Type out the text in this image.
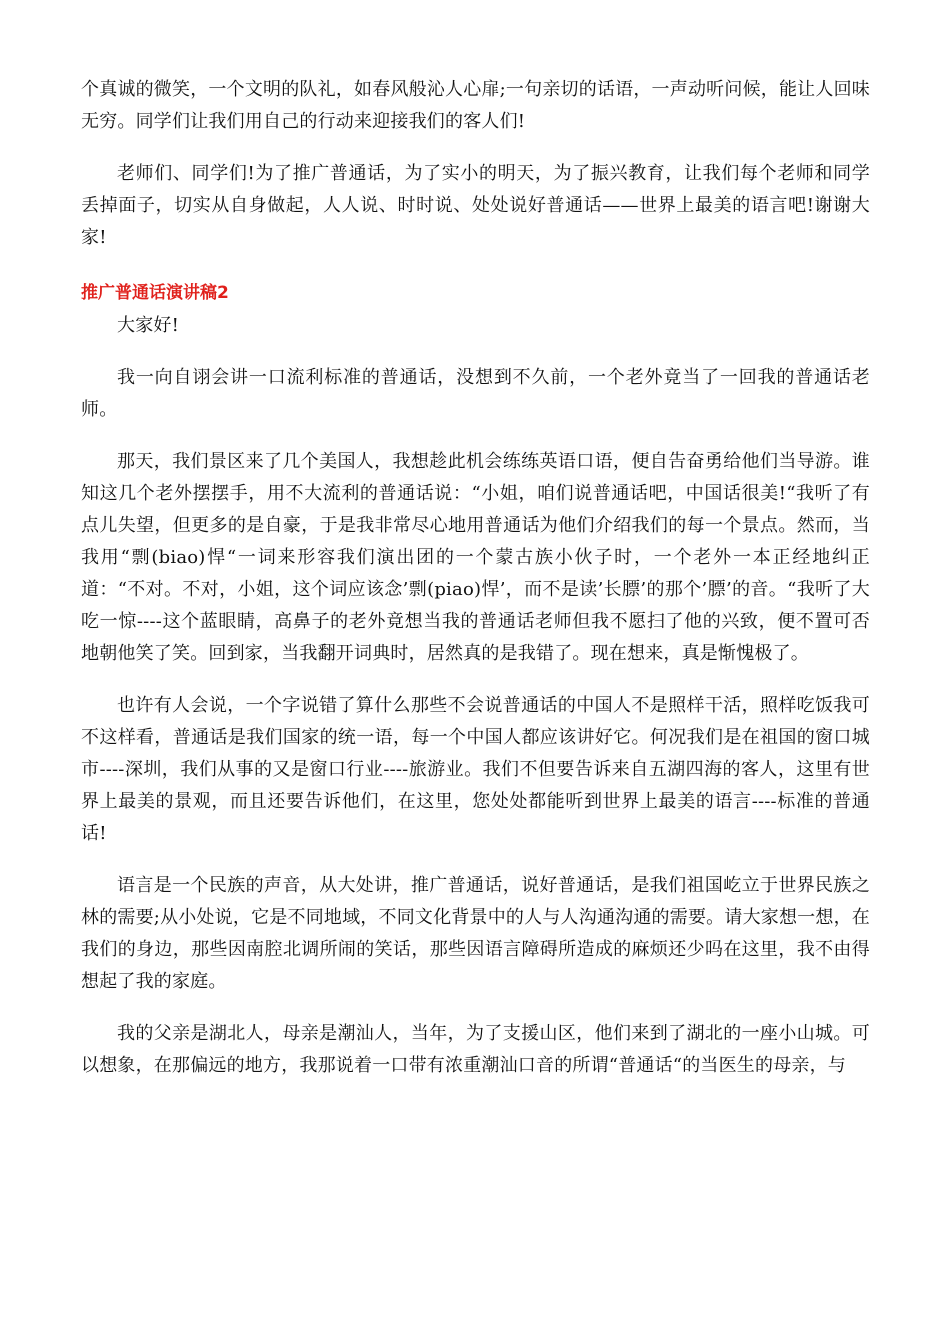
个真诚的微笑，一个文明的队礼，如春风般沁人心扉;一句亲切的话语，一声动听问候，能让人回味无穷。同学们让我们用自己的行动来迎接我们的客人们!

老师们、同学们!为了推广普通话，为了实小的明天，为了振兴教育，让我们每个老师和同学丢掉面子，切实从自身做起，人人说、时时说、处处说好普通话——世界上最美的语言吧!谢谢大家!

推广普通话演讲稿2

大家好!

我一向自诩会讲一口流利标准的普通话，没想到不久前，一个老外竟当了一回我的普通话老师。

那天，我们景区来了几个美国人，我想趁此机会练练英语口语，便自告奋勇给他们当导游。谁知这几个老外摆摆手，用不大流利的普通话说：“小姐，咱们说普通话吧，中国话很美!“我听了有点儿失望，但更多的是自豪，于是我非常尽心地用普通话为他们介绍我们的每一个景点。然而，当我用“剽(biao)悍“一词来形容我们演出团的一个蒙古族小伙子时，一个老外一本正经地纠正道：“不对。不对，小姐，这个词应该念’剽(piao)悍’，而不是读’长膘’的那个’膘’的音。“我听了大吃一惊----这个蓝眼睛，高鼻子的老外竟想当我的普通话老师但我不愿扫了他的兴致，便不置可否地朝他笑了笑。回到家，当我翻开词典时，居然真的是我错了。现在想来，真是惭愧极了。

也许有人会说，一个字说错了算什么那些不会说普通话的中国人不是照样干活，照样吃饭我可不这样看，普通话是我们国家的统一语，每一个中国人都应该讲好它。何况我们是在祖国的窗口城市----深圳，我们从事的又是窗口行业----旅游业。我们不但要告诉来自五湖四海的客人，这里有世界上最美的景观，而且还要告诉他们，在这里，您处处都能听到世界上最美的语言----标准的普通话!

语言是一个民族的声音，从大处讲，推广普通话，说好普通话，是我们祖国屹立于世界民族之林的需要;从小处说，它是不同地域，不同文化背景中的人与人沟通沟通的需要。请大家想一想，在我们的身边，那些因南腔北调所闹的笑话，那些因语言障碍所造成的麻烦还少吗在这里，我不由得想起了我的家庭。

我的父亲是湖北人，母亲是潮汕人，当年，为了支援山区，他们来到了湖北的一座小山城。可以想象，在那偏远的地方，我那说着一口带有浓重潮汕口音的所谓“普通话“的当医生的母亲，与
